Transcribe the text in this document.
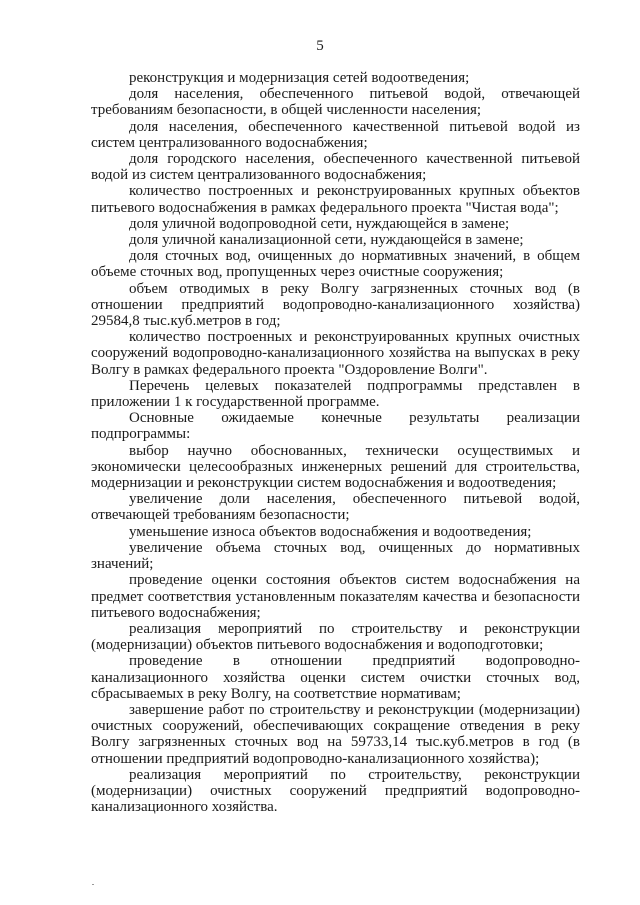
5

реконструкция и модернизация сетей водоотведения;

доля населения, обеспеченного питьевой водой, отвечающей требованиям безопасности, в общей численности населения;

доля населения, обеспеченного качественной питьевой водой из систем централизованного водоснабжения;

доля городского населения, обеспеченного качественной питьевой водой из систем централизованного водоснабжения;

количество построенных и реконструированных крупных объектов питьевого водоснабжения в рамках федерального проекта "Чистая вода";

доля уличной водопроводной сети, нуждающейся в замене;

доля уличной канализационной сети, нуждающейся в замене;

доля сточных вод, очищенных до нормативных значений, в общем объеме сточных вод, пропущенных через очистные сооружения;

объем отводимых в реку Волгу загрязненных сточных вод (в отношении предприятий водопроводно-канализационного хозяйства) 29584,8 тыс.куб.метров в год;

количество построенных и реконструированных крупных очистных сооружений водопроводно-канализационного хозяйства на выпусках в реку Волгу в рамках федерального проекта "Оздоровление Волги".

Перечень целевых показателей подпрограммы представлен в приложении 1 к государственной программе.

Основные ожидаемые конечные результаты реализации подпрограммы:

выбор научно обоснованных, технически осуществимых и экономически целесообразных инженерных решений для строительства, модернизации и реконструкции систем водоснабжения и водоотведения;

увеличение доли населения, обеспеченного питьевой водой, отвечающей требованиям безопасности;

уменьшение износа объектов водоснабжения и водоотведения;

увеличение объема сточных вод, очищенных до нормативных значений;

проведение оценки состояния объектов систем водоснабжения на предмет соответствия установленным показателям качества и безопасности питьевого водоснабжения;

реализация мероприятий по строительству и реконструкции (модернизации) объектов питьевого водоснабжения и водоподготовки;

проведение в отношении предприятий водопроводно-канализационного хозяйства оценки систем очистки сточных вод, сбрасываемых в реку Волгу, на соответствие нормативам;

завершение работ по строительству и реконструкции (модернизации) очистных сооружений, обеспечивающих сокращение отведения в реку Волгу загрязненных сточных вод на 59733,14 тыс.куб.метров в год (в отношении предприятий водопроводно-канализационного хозяйства);

реализация мероприятий по строительству, реконструкции (модернизации) очистных сооружений предприятий водопроводно-канализационного хозяйства.
